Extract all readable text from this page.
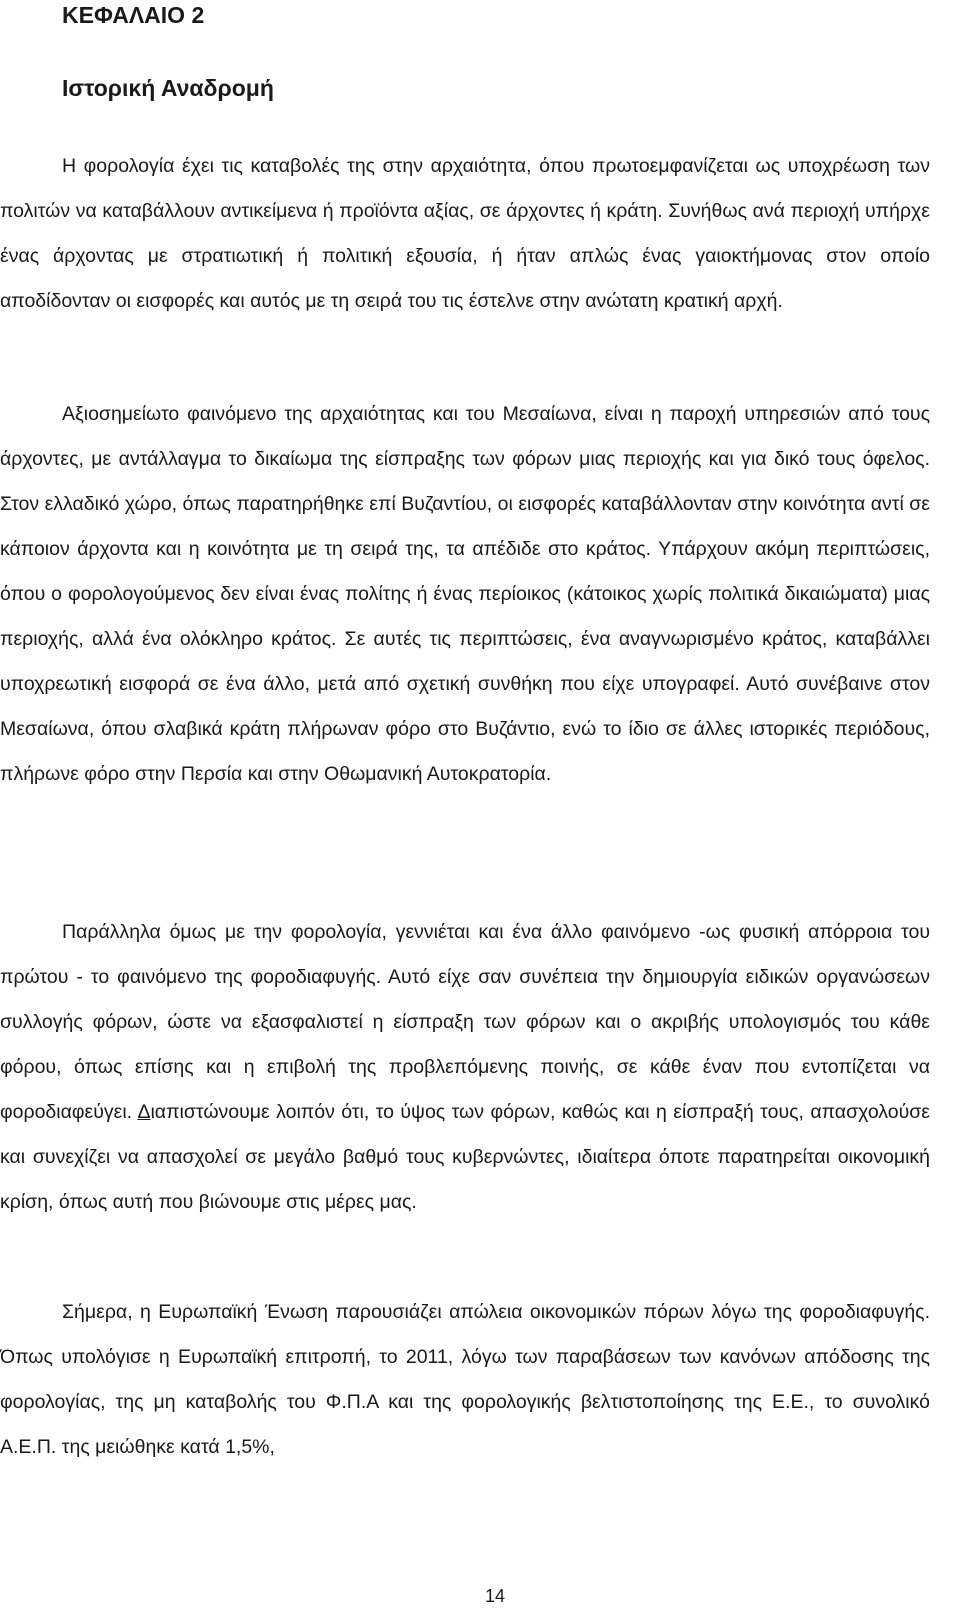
ΚΕΦΑΛΑΙΟ 2
Ιστορική Αναδρομή

Η φορολογία έχει τις καταβολές της στην αρχαιότητα, όπου πρωτοεμφανίζεται ως υποχρέωση των πολιτών να καταβάλλουν αντικείμενα ή προϊόντα αξίας, σε άρχοντες ή κράτη. Συνήθως ανά περιοχή υπήρχε ένας άρχοντας με στρατιωτική ή πολιτική εξουσία, ή ήταν απλώς ένας γαιοκτήμονας στον οποίο αποδίδονταν οι εισφορές και αυτός με τη σειρά του τις έστελνε στην ανώτατη κρατική αρχή.

Αξιοσημείωτο φαινόμενο της αρχαιότητας και του Μεσαίωνα, είναι η παροχή υπηρεσιών από τους άρχοντες, με αντάλλαγμα το δικαίωμα της είσπραξης των φόρων μιας περιοχής και για δικό τους όφελος. Στον ελλαδικό χώρο, όπως παρατηρήθηκε επί Βυζαντίου, οι εισφορές καταβάλλονταν στην κοινότητα αντί σε κάποιον άρχοντα και η κοινότητα με τη σειρά της, τα απέδιδε στο κράτος. Υπάρχουν ακόμη περιπτώσεις, όπου ο φορολογούμενος δεν είναι ένας πολίτης ή ένας περίοικος (κάτοικος χωρίς πολιτικά δικαιώματα) μιας περιοχής, αλλά ένα ολόκληρο κράτος. Σε αυτές τις περιπτώσεις, ένα αναγνωρισμένο κράτος, καταβάλλει υποχρεωτική εισφορά σε ένα άλλο, μετά από σχετική συνθήκη που είχε υπογραφεί. Αυτό συνέβαινε στον Μεσαίωνα, όπου σλαβικά κράτη πλήρωναν φόρο στο Βυζάντιο, ενώ το ίδιο σε άλλες ιστορικές περιόδους, πλήρωνε φόρο στην Περσία και στην Οθωμανική Αυτοκρατορία.

Παράλληλα όμως με την φορολογία, γεννιέται και ένα άλλο φαινόμενο -ως φυσική απόρροια του πρώτου - το φαινόμενο της φοροδιαφυγής. Αυτό είχε σαν συνέπεια την δημιουργία ειδικών οργανώσεων συλλογής φόρων, ώστε να εξασφαλιστεί η είσπραξη των φόρων και ο ακριβής υπολογισμός του κάθε φόρου, όπως επίσης και η επιβολή της προβλεπόμενης ποινής, σε κάθε έναν που εντοπίζεται να φοροδιαφεύγει. Διαπιστώνουμε λοιπόν ότι, το ύψος των φόρων, καθώς και η είσπραξή τους, απασχολούσε και συνεχίζει να απασχολεί σε μεγάλο βαθμό τους κυβερνώντες, ιδιαίτερα όποτε παρατηρείται οικονομική κρίση, όπως αυτή που βιώνουμε στις μέρες μας.

Σήμερα, η Ευρωπαϊκή Ένωση παρουσιάζει απώλεια οικονομικών πόρων λόγω της φοροδιαφυγής. Όπως υπολόγισε η Ευρωπαϊκή επιτροπή, το 2011, λόγω των παραβάσεων των κανόνων απόδοσης της φορολογίας, της μη καταβολής του Φ.Π.Α και της φορολογικής βελτιστοποίησης της Ε.Ε., το συνολικό Α.Ε.Π. της μειώθηκε κατά 1,5%,

14
